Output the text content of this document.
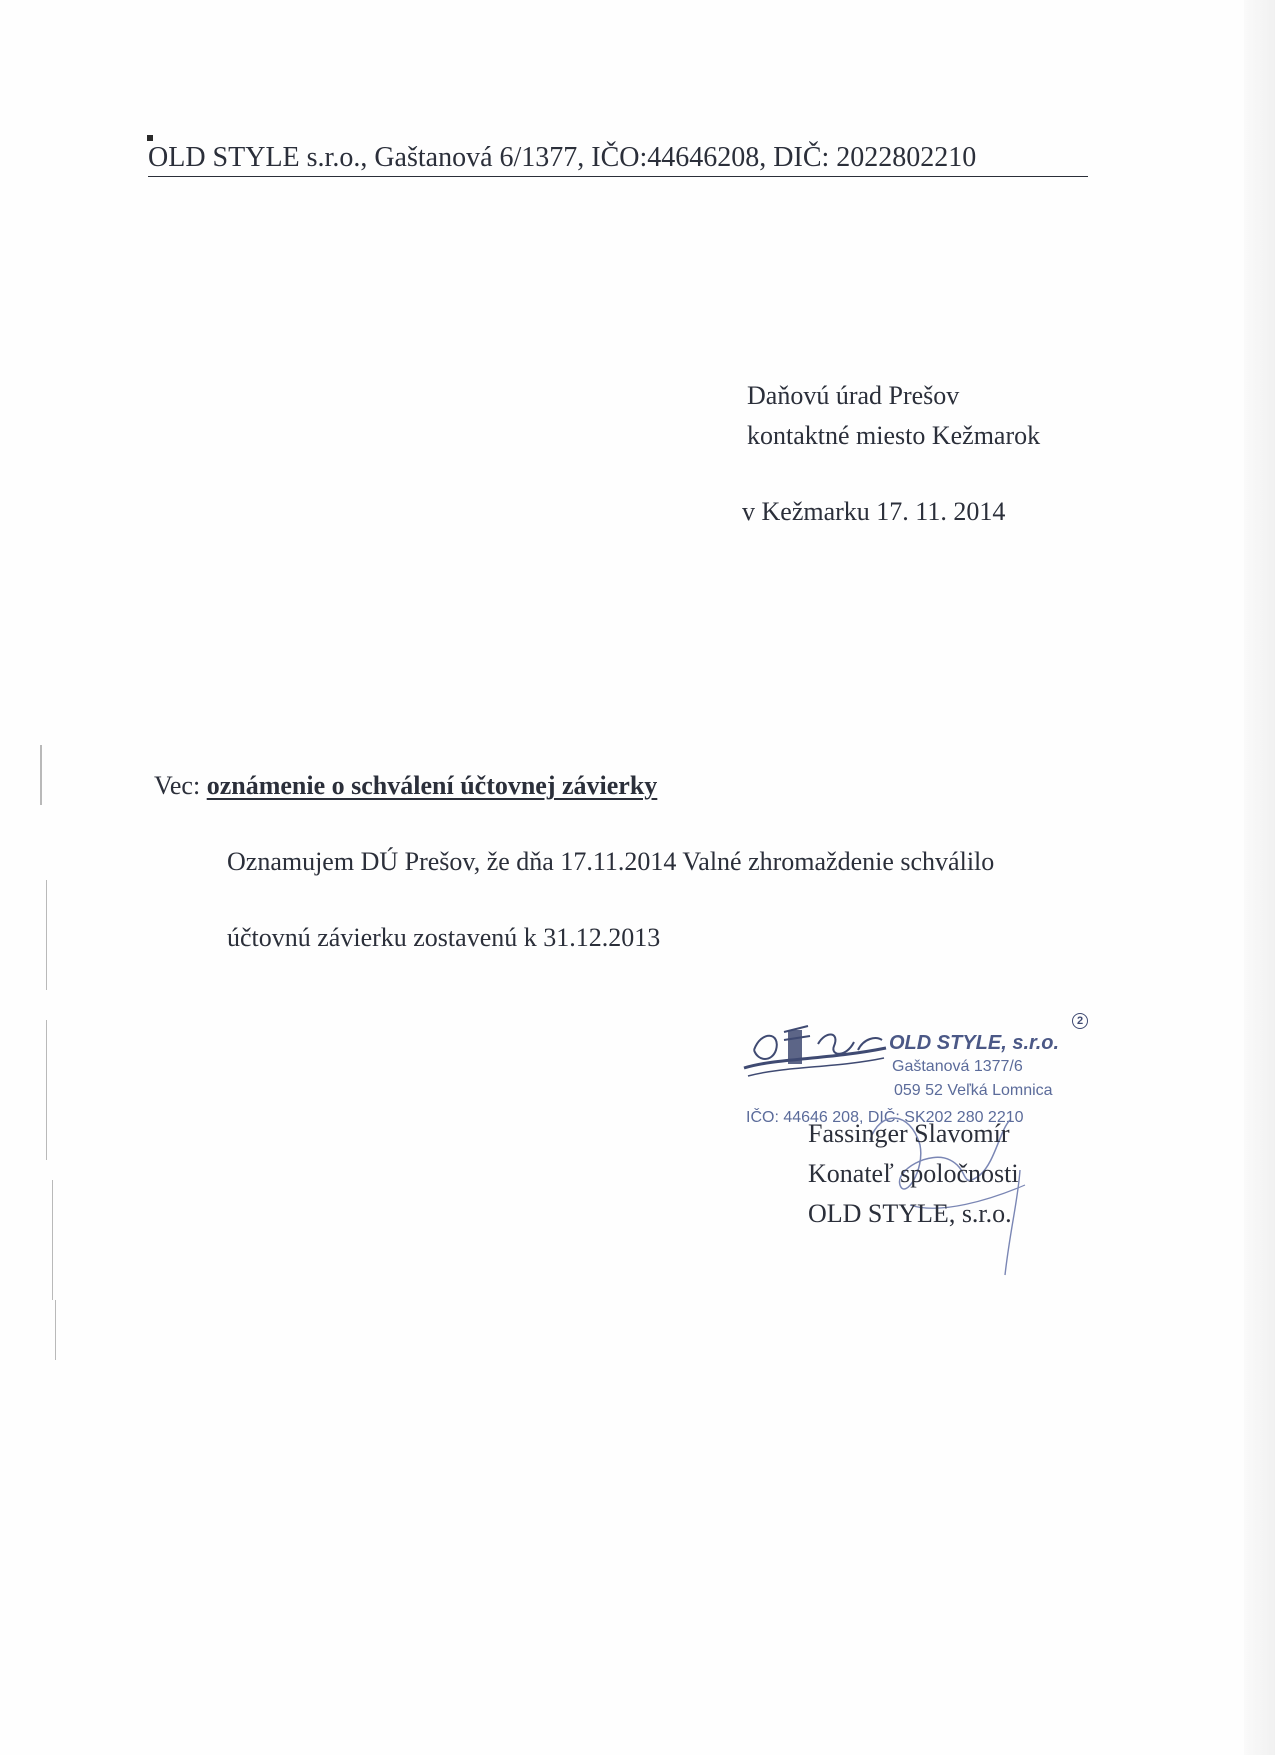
OLD STYLE s.r.o., Gaštanová 6/1377, IČO:44646208, DIČ: 2022802210
Daňovú úrad Prešov
kontaktné miesto Kežmarok
v Kežmarku 17. 11. 2014
Vec: oznámenie o schválení účtovnej závierky
Oznamujem DÚ Prešov, že dňa 17.11.2014 Valné zhromaždenie schválilo
účtovnú závierku zostavenú k 31.12.2013
2
OLD STYLE, s.r.o.
Gaštanová 1377/6
059 52 Veľká Lomnica
IČO: 44646 208, DIČ: SK202 280 2210
Fassinger Slavomír
Konateľ spoločnosti
OLD STYLE, s.r.o.
